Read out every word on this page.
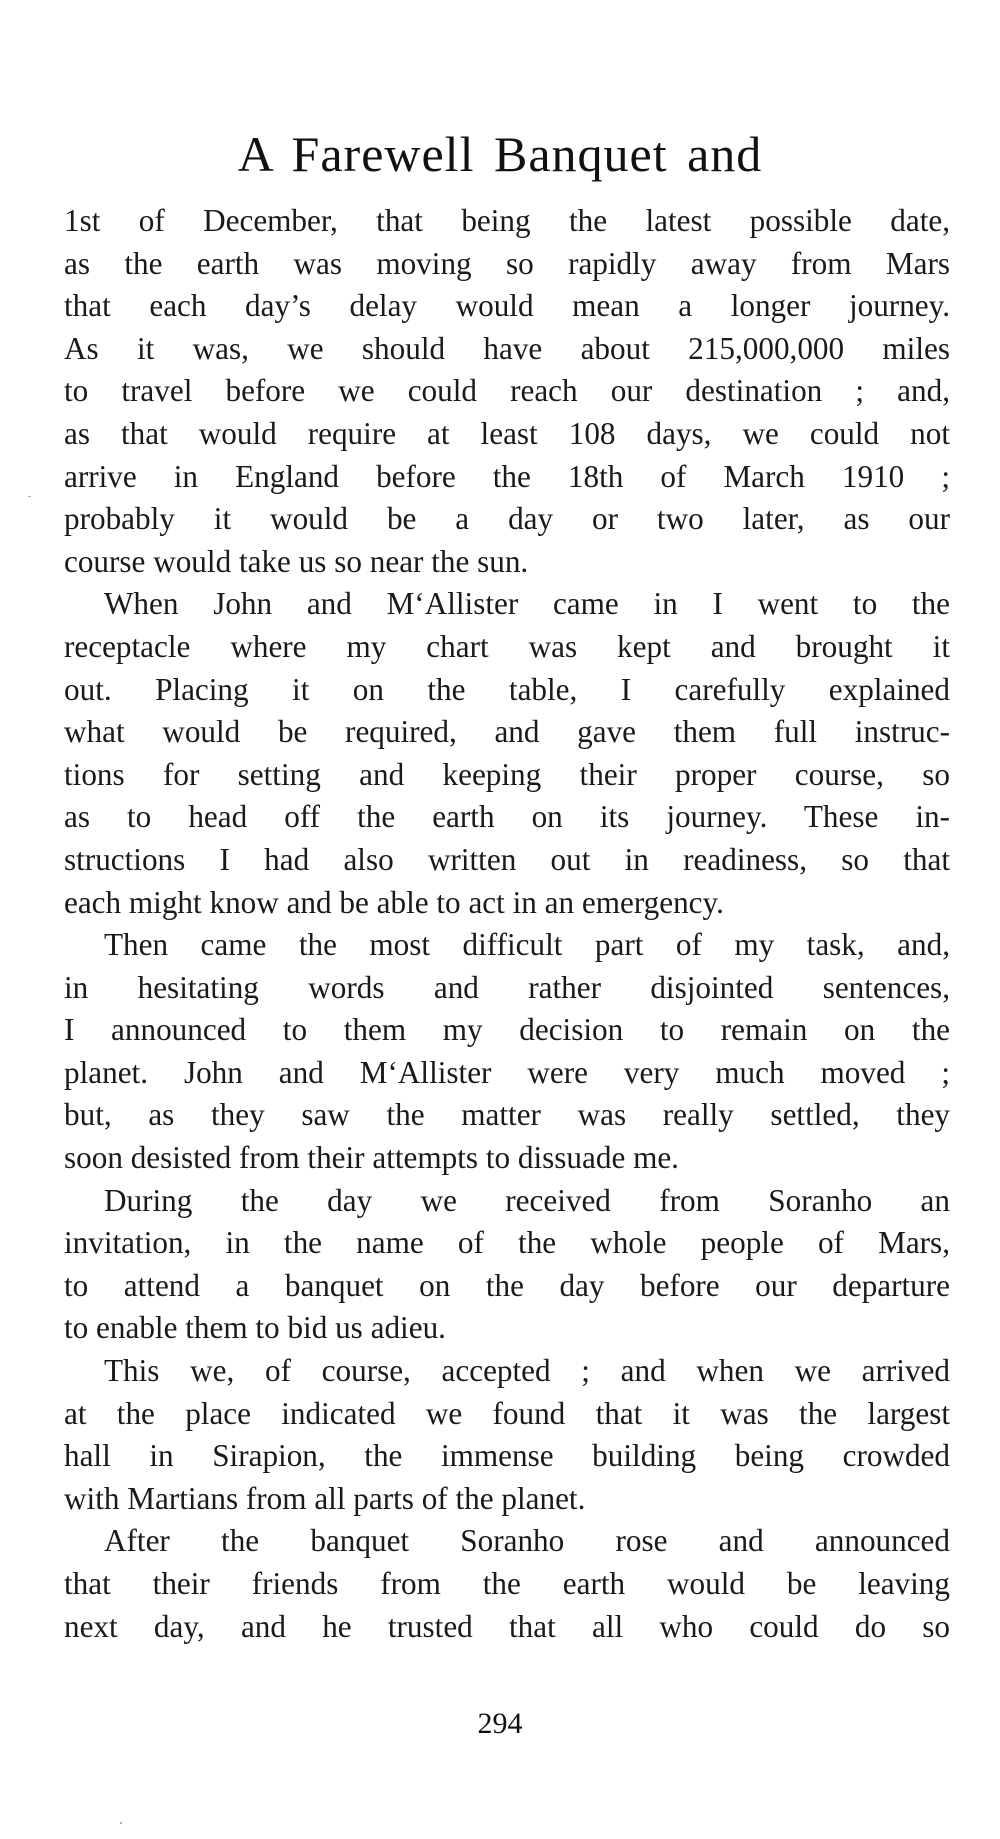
A Farewell Banquet and
1st of December, that being the latest possible date,
as the earth was moving so rapidly away from Mars
that each day’s delay would mean a longer journey.
As it was, we should have about 215,000,000 miles
to travel before we could reach our destination ; and,
as that would require at least 108 days, we could not
arrive in England before the 18th of March 1910 ;
probably it would be a day or two later, as our
course would take us so near the sun.
When John and M‘Allister came in I went to the
receptacle where my chart was kept and brought it
out. Placing it on the table, I carefully explained
what would be required, and gave them full instruc-
tions for setting and keeping their proper course, so
as to head off the earth on its journey. These in-
structions I had also written out in readiness, so that
each might know and be able to act in an emergency.
Then came the most difficult part of my task, and,
in hesitating words and rather disjointed sentences,
I announced to them my decision to remain on the
planet. John and M‘Allister were very much moved ;
but, as they saw the matter was really settled, they
soon desisted from their attempts to dissuade me.
During the day we received from Soranho an
invitation, in the name of the whole people of Mars,
to attend a banquet on the day before our departure
to enable them to bid us adieu.
This we, of course, accepted ; and when we arrived
at the place indicated we found that it was the largest
hall in Sirapion, the immense building being crowded
with Martians from all parts of the planet.
After the banquet Soranho rose and announced
that their friends from the earth would be leaving
next day, and he trusted that all who could do so
294
